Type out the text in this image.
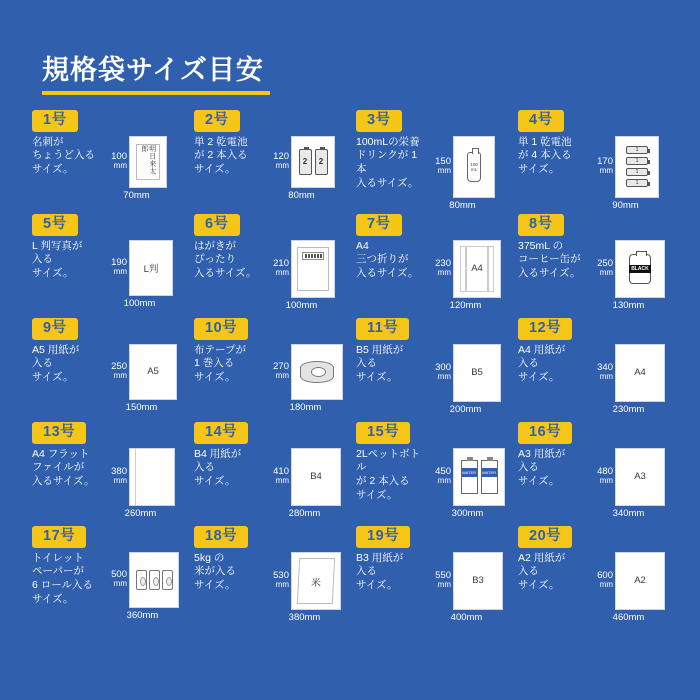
規格袋サイズ目安
1号
名刺が
ちょうど入る
サイズ。
100
mm	明日来太郎
70mm
2号
単 2 乾電池
が 2 本入る
サイズ。
120
mm	2	2
80mm
3号
100mLの栄養
ドリンクが 1 本
入るサイズ。
150
mm
100
mL
80mm
4号
単 1 乾電池
が 4 本入る
サイズ。
170
mm
1
1
1
1
90mm
5号
L 判写真が
入る
サイズ。
190
mm L判
100mm
6号
はがきが
ぴったり
入るサイズ。
210
mm
100mm
7号
A4
三つ折りが
入るサイズ。
230
mm A4
120mm
8号
375mL の
コーヒー缶が
入るサイズ。
250
mm	BLACK
130mm
9号
A5 用紙が
入る
サイズ。
250
mm A5
150mm
10号
布テープが
1 巻入る
サイズ。
270
mm
180mm
11号
B5 用紙が
入る
サイズ。
300
mm B5
200mm
12号
A4 用紙が
入る
サイズ。
340
mm A4
230mm
13号
A4 フラット
ファイルが
入るサイズ。
380
mm
260mm
14号
B4 用紙が
入る
サイズ。
410
mm B4
280mm
15号
2Lペットボトル
が 2 本入る
サイズ。
450
mm
WATER WATER
300mm
16号
A3 用紙が
入る
サイズ。
480
mm A3
340mm
17号
トイレット
ペーパーが
6 ロール入る
サイズ。
500
mm
360mm
18号
5kg の
米が入る
サイズ。
530
mm 米
380mm
19号
B3 用紙が
入る
サイズ。
550
mm B3
400mm
20号
A2 用紙が
入る
サイズ。
600
mm A2
460mm
